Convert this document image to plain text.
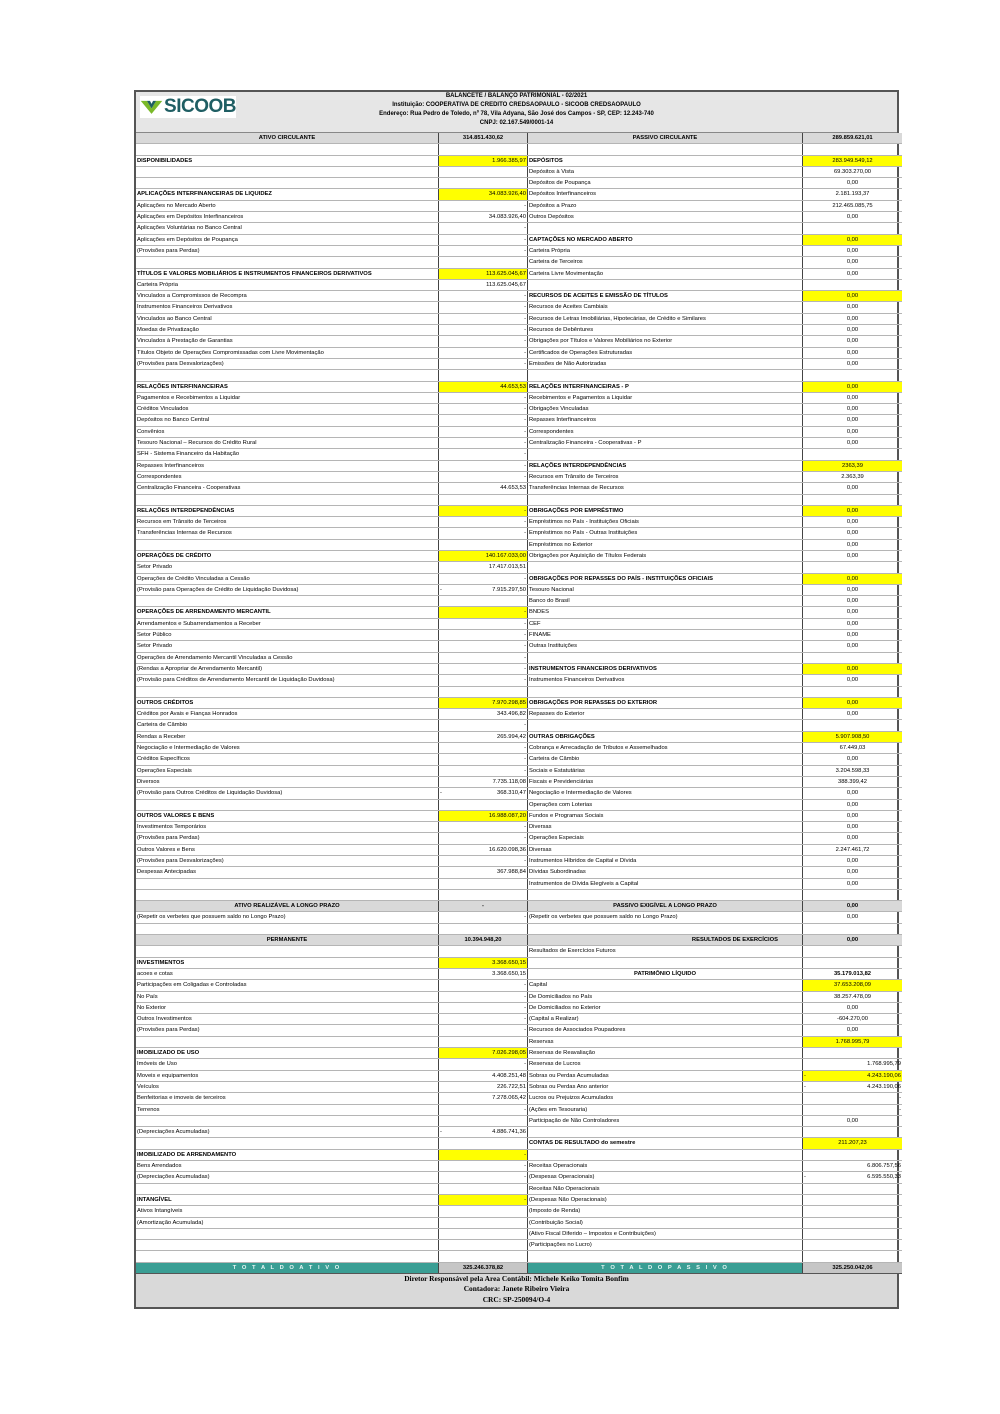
SICOOB	BALANCETE / BALANÇO PATRIMONIAL - 02/2021
Instituição: COOPERATIVA DE CREDITO CREDSAOPAULO - SICOOB CREDSAOPAULO
Endereço: Rua Pedro de Toledo, nº 78, Vila Adyana, São José dos Campos - SP, CEP: 12.243-740
CNPJ: 02.167.549/0001-14
ATIVO CIRCULANTE	314.851.430,62	PASSIVO CIRCULANTE	289.859.621,01

DISPONIBILIDADES	1.966.385,97	DEPÓSITOS	283.949.549,12
		Depósitos à Vista	69.303.270,00
		Depósitos de Poupança	0,00
APLICAÇÕES INTERFINANCEIRAS DE LIQUIDEZ	34.083.926,40	Depósitos Interfinanceiros	2.181.193,37
Aplicações no Mercado Aberto	-	Depósitos a Prazo	212.465.085,75
Aplicações em Depósitos Interfinanceiros	34.083.926,40	Outros Depósitos	0,00
Aplicações Voluntárias no Banco Central	-		
Aplicações em Depósitos de Poupança	-	CAPTAÇÕES NO MERCADO ABERTO	0,00
(Provisões para Perdas)	-	Carteira Própria	0,00
		Carteira de Terceiros	0,00
TÍTULOS E VALORES MOBILIÁRIOS E INSTRUMENTOS FINANCEIROS DERIVATIVOS	113.625.045,67	Carteira Livre Movimentação	0,00
Carteira Própria	113.625.045,67		
Vinculados a Compromissos de Recompra	-	RECURSOS DE ACEITES E EMISSÃO DE TÍTULOS	0,00
Instrumentos Financeiros Derivativos	-	Recursos de Aceites Cambiais	0,00
Vinculados ao Banco Central	-	Recursos de Letras Imobiliárias, Hipotecárias, de Crédito e Similares	0,00
Moedas de Privatização	-	Recursos de Debêntures	0,00
Vinculados à Prestação de Garantias	-	Obrigações por Títulos e Valores Mobiliários no Exterior	0,00
Títulos Objeto de Operações Compromissadas com Livre Movimentação	-	Certificados de Operações Estruturadas	0,00
(Provisões para Desvalorizações)	-	Emissões de Não Autorizadas	0,00

RELAÇÕES INTERFINANCEIRAS	44.653,53	RELAÇÕES INTERFINANCEIRAS - P	0,00
Pagamentos e Recebimentos a Liquidar	-	Recebimentos e Pagamentos a Liquidar	0,00
Créditos Vinculados	-	Obrigações Vinculadas	0,00
Depósitos no Banco Central	-	Repasses Interfinanceiros	0,00
Convênios	-	Correspondentes	0,00
Tesouro Nacional – Recursos do Crédito Rural	-	Centralização Financeira - Cooperativas - P	0,00
SFH - Sistema Financeiro da Habitação	-		
Repasses Interfinanceiros	-	RELAÇÕES INTERDEPENDÊNCIAS	2363,39
Correspondentes	-	Recursos em Trânsito de Terceiros	2.363,39
Centralização Financeira - Cooperativas	44.653,53	Transferências Internas de Recursos	0,00

RELAÇÕES INTERDEPENDÊNCIAS	-	OBRIGAÇÕES POR EMPRÉSTIMO	0,00
Recursos em Trânsito de Terceiros	-	Empréstimos no País - Instituições Oficiais	0,00
Transferências Internas de Recursos	-	Empréstimos no País - Outras Instituições	0,00
		Empréstimos no Exterior	0,00
OPERAÇÕES DE CRÉDITO	140.167.033,00	Obrigações por Aquisição de Títulos Federais	0,00
Setor Privado	17.417.013,51		
Operações de Crédito Vinculadas a Cessão	-	OBRIGAÇÕES POR REPASSES DO PAÍS - INSTITUIÇÕES OFICIAIS	0,00
(Provisão para Operações de Crédito de Liquidação Duvidosa)	- 7.915.297,50	Tesouro Nacional	0,00
		Banco do Brasil	0,00
OPERAÇÕES DE ARRENDAMENTO MERCANTIL	-	BNDES	0,00
Arrendamentos e Subarrendamentos a Receber	-	CEF	0,00
Setor Público	-	FINAME	0,00
Setor Privado	-	Outras Instituições	0,00
Operações de Arrendamento Mercantil Vinculadas a Cessão	-		
(Rendas a Apropriar de Arrendamento Mercantil)	-	INSTRUMENTOS FINANCEIROS DERIVATIVOS	0,00
(Provisão para Créditos de Arrendamento Mercantil de Liquidação Duvidosa)	-	Instrumentos Financeiros Derivativos	0,00

OUTROS CRÉDITOS	7.970.298,85	OBRIGAÇÕES POR REPASSES DO EXTERIOR	0,00
Créditos por Avais e Fianças Honrados	343.496,82	Repasses do Exterior	0,00
Carteira de Câmbio	-		
Rendas a Receber	265.994,42	OUTRAS OBRIGAÇÕES	5.907.908,50
Negociação e Intermediação de Valores	-	Cobrança e Arrecadação de Tributos e Assemelhados	67.449,03
Créditos Específicos	-	Carteira de Câmbio	0,00
Operações Especiais	-	Sociais e Estatutárias	3.204.598,33
Diversos	7.735.118,08	Fiscais e Previdenciárias	388.399,42
(Provisão para Outros Créditos de Liquidação Duvidosa)	- 368.310,47	Negociação e Intermediação de Valores	0,00
		Operações com Loterias	0,00
OUTROS VALORES E BENS	16.988.087,20	Fundos e Programas Sociais	0,00
Investimentos Temporários	-	Diversas	0,00
(Provisões para Perdas)	-	Operações Especiais	0,00
Outros Valores e Bens	16.620.098,36	Diversas	2.247.461,72
(Provisões para Desvalorizações)	-	Instrumentos Híbridos de Capital e Dívida	0,00
Despesas Antecipadas	367.988,84	Dívidas Subordinadas	0,00
		Instrumentos de Dívida Elegíveis a Capital	0,00

ATIVO REALIZÁVEL A LONGO PRAZO	-	PASSIVO EXIGÍVEL A LONGO PRAZO	0,00
(Repetir os verbetes que possuem saldo no Longo Prazo)	-	(Repetir os verbetes que possuem saldo no Longo Prazo)	0,00

PERMANENTE	10.394.948,20	RESULTADOS DE EXERCÍCIOS	0,00
		Resultados de Exercícios Futuros	
INVESTIMENTOS	3.368.650,15		
acoes e cotas	3.368.650,15	PATRIMÔNIO LÍQUIDO	35.179.013,82
Participações em Coligadas e Controladas	-	Capital	37.653.208,09
No País	-	De Domiciliados no País	38.257.478,09
No Exterior	-	De Domiciliados no Exterior	0,00
Outros Investimentos	-	(Capital a Realizar)	-604.270,00
(Provisões para Perdas)	-	Recursos de Associados Poupadores	0,00
		Reservas	1.768.995,79
IMOBILIZADO DE USO	7.026.298,05	Reservas de Reavaliação	
Imóveis de Uso	-	Reservas de Lucros	1.768.995,79
Moveis e equipamentos	4.408.251,48	Sobras ou Perdas Acumuladas	- 4.243.190,06

Veículos	226.722,51	Sobras ou Perdas Ano anterior	- 4.243.190,06

Benfeitorias e imoveis de terceiros	7.278.065,42	Lucros ou Prejuizos Acumulados	-
Terrenos	-	(Ações em Tesouraria)	-
		Participação de Não Controladores	0,00
(Depreciações Acumuladas)	- 4.886.741,36		

		CONTAS DE RESULTADO do semestre	211.207,23
IMOBILIZADO DE ARRENDAMENTO	-		
Bens Arrendados	-	Receitas Operacionais	6.806.757,56
(Depreciações Acumuladas)	-	(Despesas Operacionais)	- 6.595.550,33

		Receitas Não Operacionais	
INTANGÍVEL	-	(Despesas Não Operacionais)	
Ativos Intangíveis		(Imposto de Renda)	
(Amortização Acumulada)		(Contribuição Social)	
		(Ativo Fiscal Diferido – Impostos e Contribuições)	
		(Participações no Lucro)	

T O T A L D O A T I V O	325.246.378,82	T O T A L D O P A S S I V O	325.250.042,06
Diretor Responsável pela Area Contábil: Michele Keiko Tomita Bonfim
Contadora: Janete Ribeiro Vieira
CRC: SP-250094/O-4
